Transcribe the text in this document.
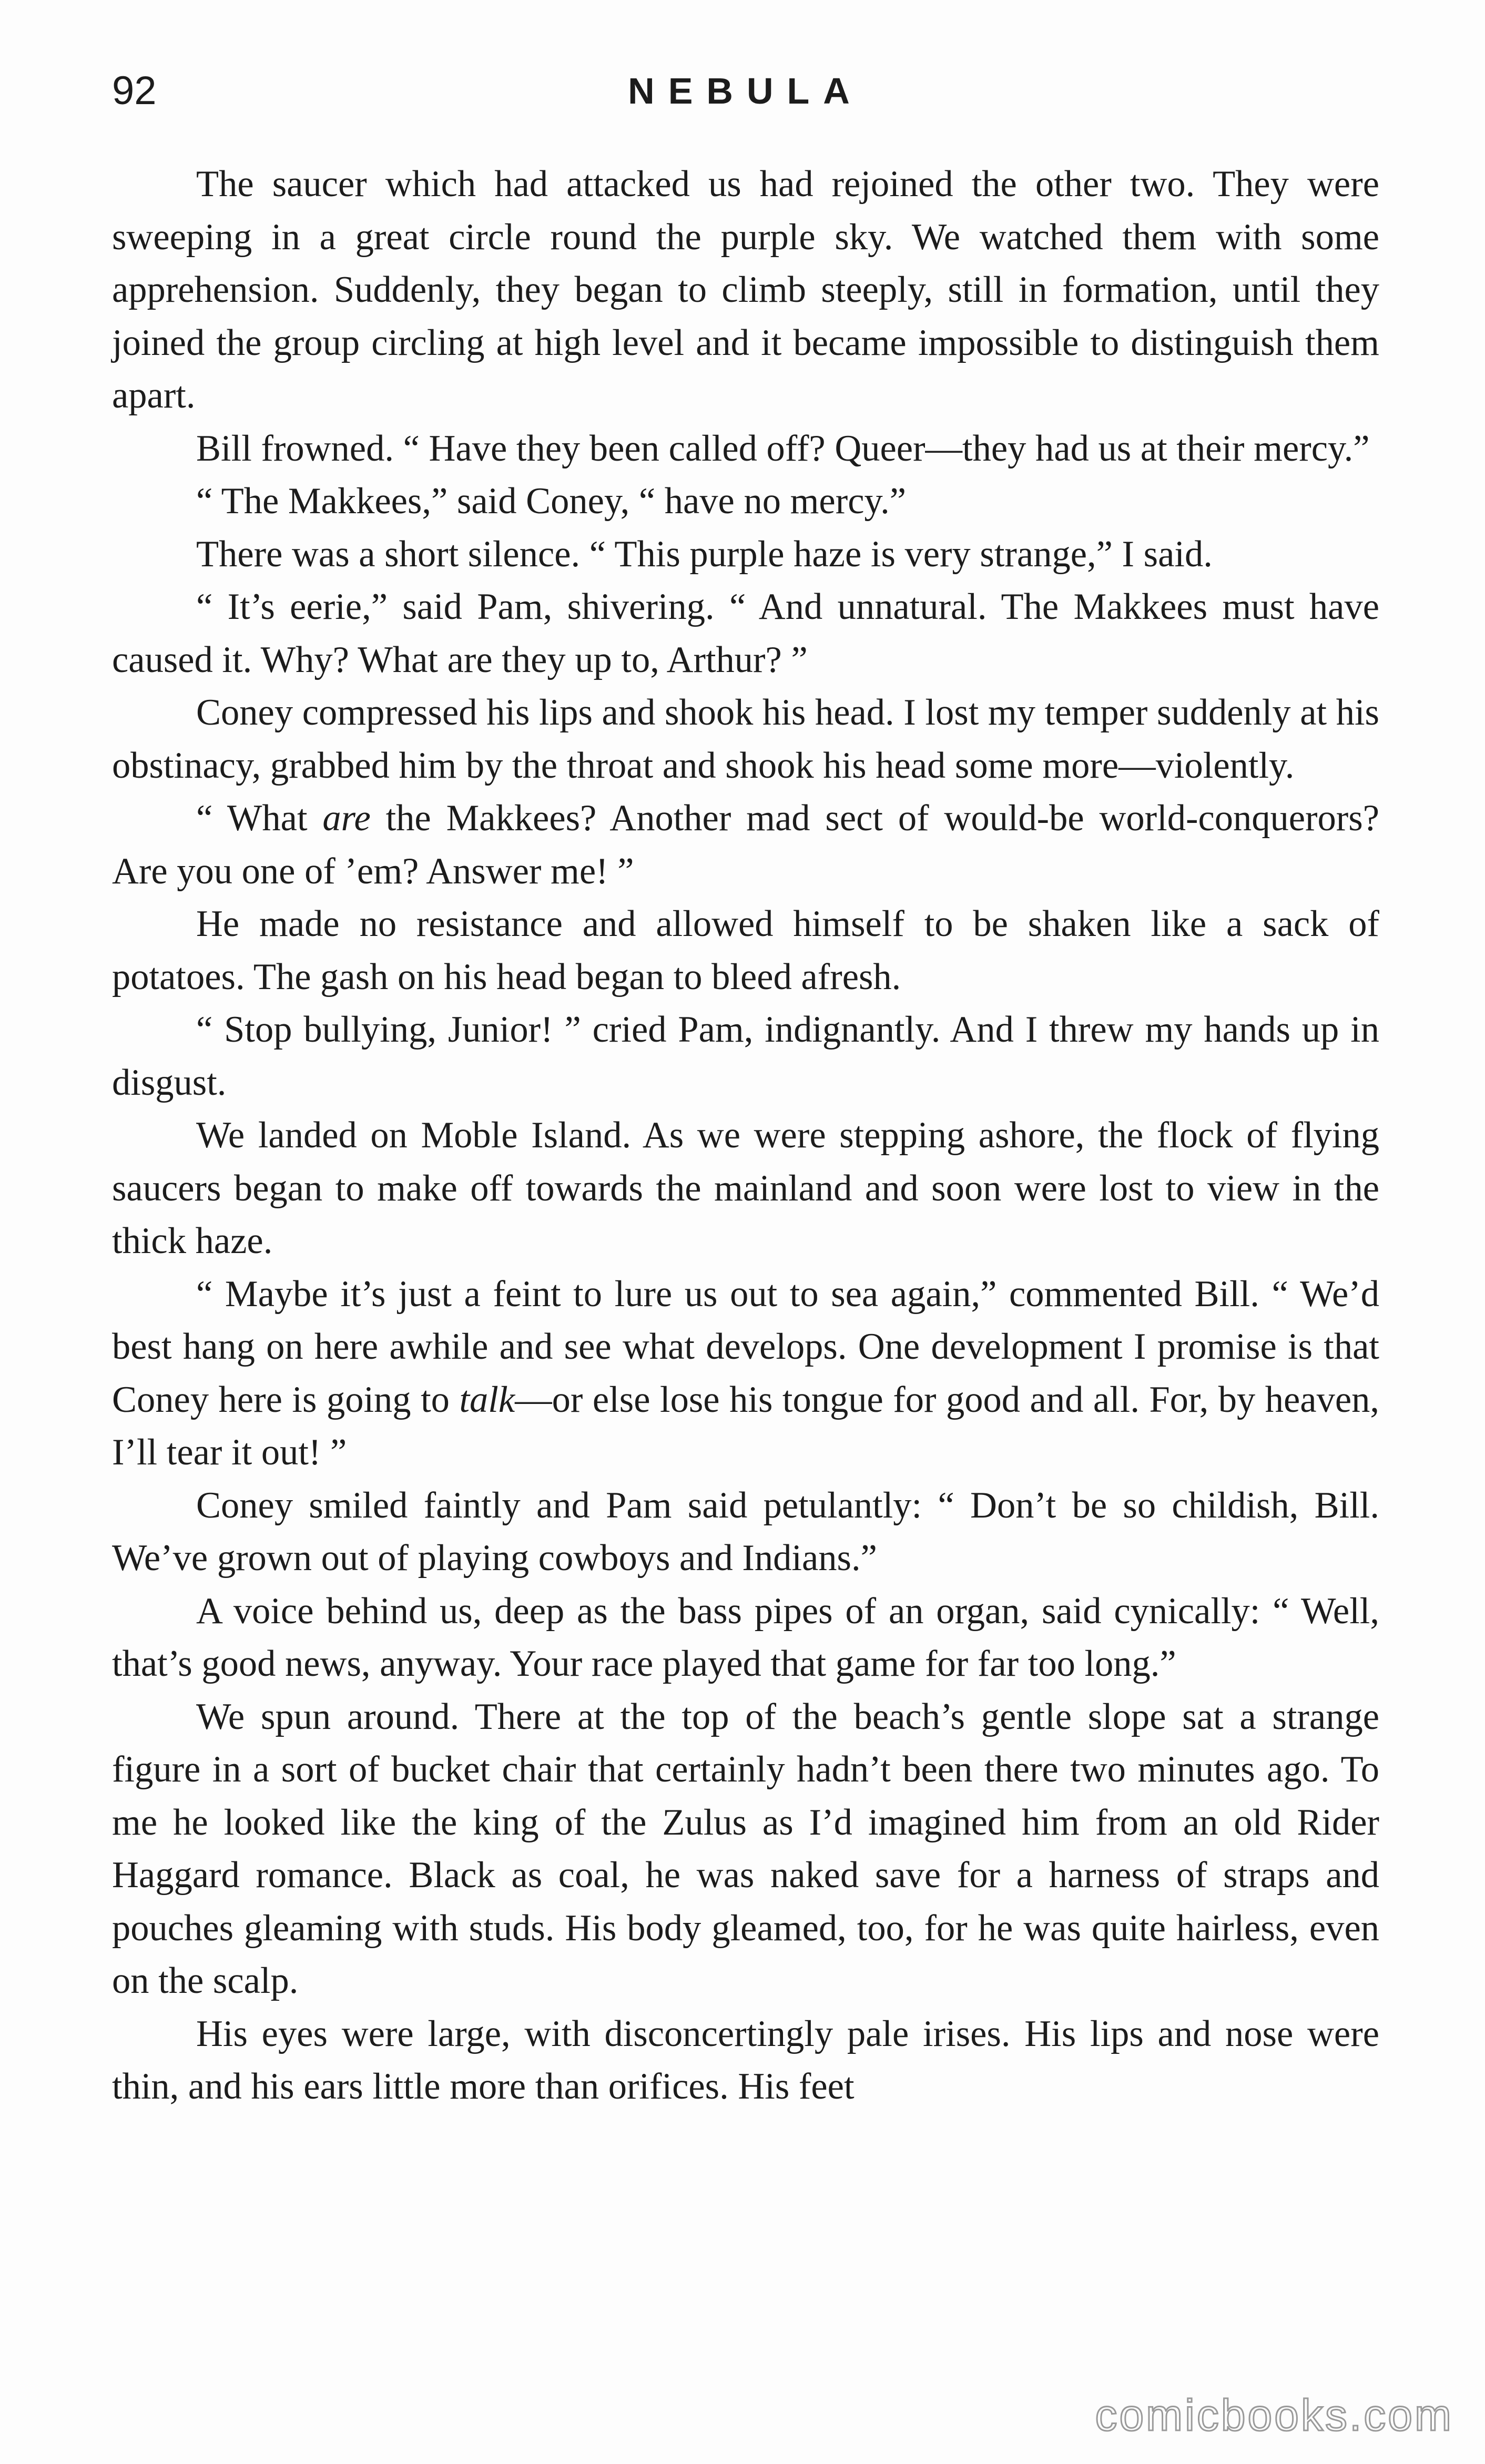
92	NEBULA

The saucer which had attacked us had rejoined the other two. They were sweeping in a great circle round the purple sky. We watched them with some apprehension. Suddenly, they began to climb steeply, still in formation, until they joined the group circling at high level and it became impossible to distinguish them apart.

Bill frowned. “ Have they been called off? Queer—they had us at their mercy.”

“ The Makkees,” said Coney, “ have no mercy.”

There was a short silence. “ This purple haze is very strange,” I said.

“ It’s eerie,” said Pam, shivering. “ And unnatural. The Makkees must have caused it. Why? What are they up to, Arthur? ”

Coney compressed his lips and shook his head. I lost my temper suddenly at his obstinacy, grabbed him by the throat and shook his head some more—violently.

“ What are the Makkees? Another mad sect of would-be world-conquerors? Are you one of ’em? Answer me! ”

He made no resistance and allowed himself to be shaken like a sack of potatoes. The gash on his head began to bleed afresh.

“ Stop bullying, Junior! ” cried Pam, indignantly. And I threw my hands up in disgust.

We landed on Moble Island. As we were stepping ashore, the flock of flying saucers began to make off towards the mainland and soon were lost to view in the thick haze.

“ Maybe it’s just a feint to lure us out to sea again,” commented Bill. “ We’d best hang on here awhile and see what develops. One development I promise is that Coney here is going to talk—or else lose his tongue for good and all. For, by heaven, I’ll tear it out! ”

Coney smiled faintly and Pam said petulantly: “ Don’t be so childish, Bill. We’ve grown out of playing cowboys and Indians.”

A voice behind us, deep as the bass pipes of an organ, said cynically: “ Well, that’s good news, anyway. Your race played that game for far too long.”

We spun around. There at the top of the beach’s gentle slope sat a strange figure in a sort of bucket chair that certainly hadn’t been there two minutes ago. To me he looked like the king of the Zulus as I’d imagined him from an old Rider Haggard romance. Black as coal, he was naked save for a harness of straps and pouches gleaming with studs. His body gleamed, too, for he was quite hairless, even on the scalp.

His eyes were large, with disconcertingly pale irises. His lips and nose were thin, and his ears little more than orifices. His feet

comicbooks.com
